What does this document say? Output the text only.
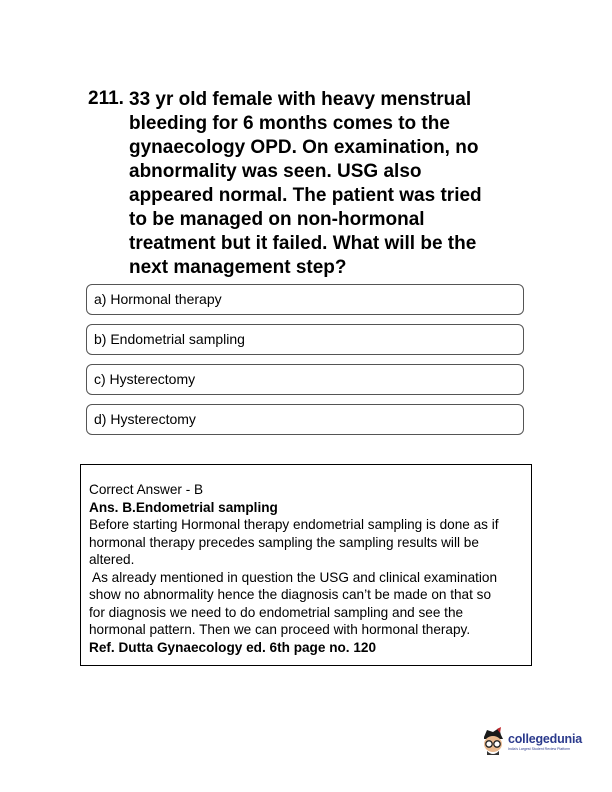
211. 33 yr old female with heavy menstrual
bleeding for 6 months comes to the
gynaecology OPD. On examination, no
abnormality was seen. USG also
appeared normal. The patient was tried
to be managed on non-hormonal
treatment but it failed. What will be the
next management step?
a) Hormonal therapy
b) Endometrial sampling
c) Hysterectomy
d) Hysterectomy
Correct Answer - B
Ans. B.Endometrial sampling
Before starting Hormonal therapy endometrial sampling is done as if
hormonal therapy precedes sampling the sampling results will be
altered.
As already mentioned in question the USG and clinical examination
show no abnormality hence the diagnosis can’t be made on that so
for diagnosis we need to do endometrial sampling and see the
hormonal pattern. Then we can proceed with hormonal therapy.
Ref. Dutta Gynaecology ed. 6th page no. 120
collegedunia
India's Largest Student Review Platform
